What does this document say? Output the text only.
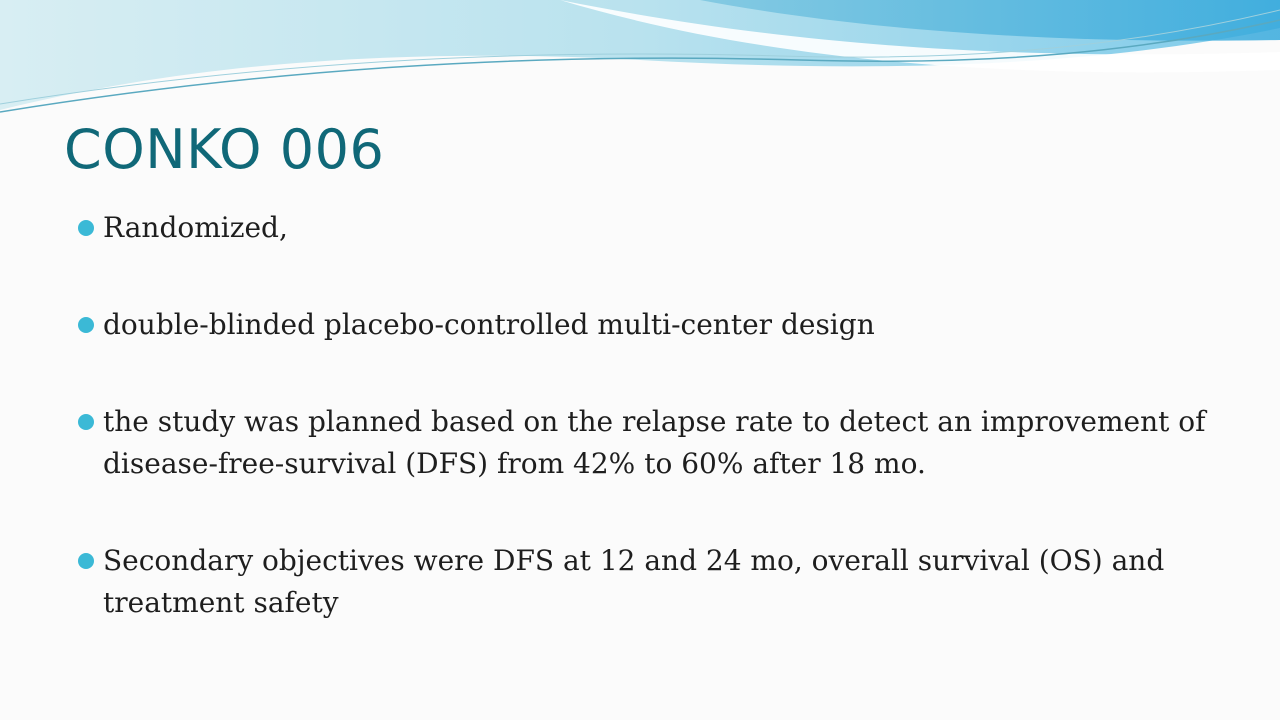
CONKO 006
Randomized,
double-blinded placebo-controlled multi-center design
the study was planned based on the relapse rate to detect an improvement of disease-free-survival (DFS) from 42% to 60% after 18 mo.
Secondary objectives were DFS at 12 and 24 mo, overall survival (OS) and treatment safety
